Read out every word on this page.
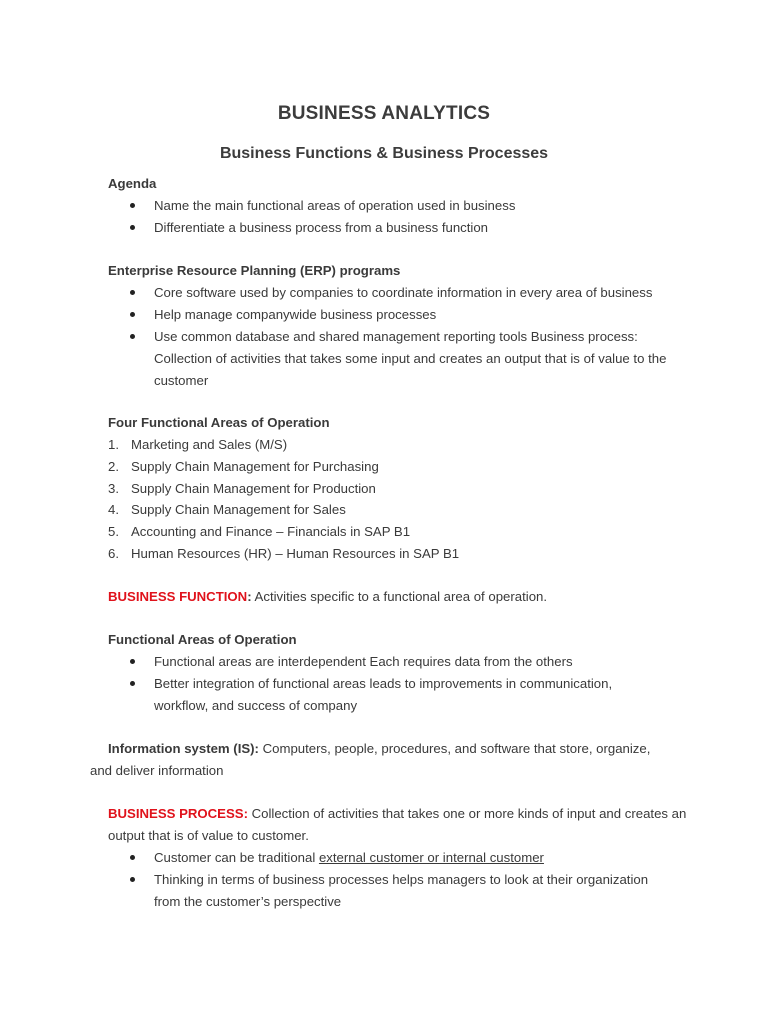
BUSINESS ANALYTICS
Business Functions & Business Processes
Agenda
Name the main functional areas of operation used in business
Differentiate a business process from a business function
Enterprise Resource Planning (ERP) programs
Core software used by companies to coordinate information in every area of business
Help manage companywide business processes
Use common database and shared management reporting tools Business process: Collection of activities that takes some input and creates an output that is of value to the customer
Four Functional Areas of Operation
1. Marketing and Sales (M/S)
2. Supply Chain Management for Purchasing
3. Supply Chain Management for Production
4. Supply Chain Management for Sales
5. Accounting and Finance – Financials in SAP B1
6. Human Resources (HR) – Human Resources in SAP B1
BUSINESS FUNCTION: Activities specific to a functional area of operation.
Functional Areas of Operation
Functional areas are interdependent Each requires data from the others
Better integration of functional areas leads to improvements in communication, workflow, and success of company
Information system (IS): Computers, people, procedures, and software that store, organize,
and deliver information
BUSINESS PROCESS: Collection of activities that takes one or more kinds of input and creates an output that is of value to customer.
Customer can be traditional external customer or internal customer
Thinking in terms of business processes helps managers to look at their organization from the customer’s perspective
